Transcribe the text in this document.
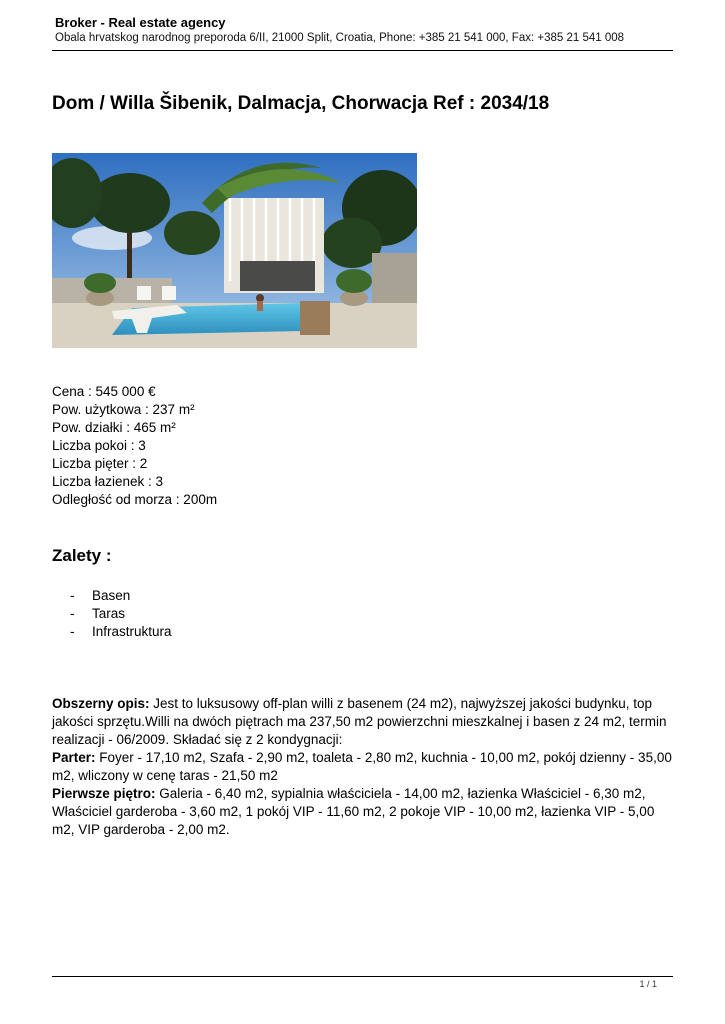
Broker - Real estate agency
Obala hrvatskog narodnog preporoda 6/II, 21000 Split, Croatia, Phone: +385 21 541 000, Fax: +385 21 541 008
Dom / Willa Šibenik, Dalmacja, Chorwacja Ref : 2034/18
Cena : 545 000 €
Pow. użytkowa : 237 m²
Pow. działki : 465 m²
Liczba pokoi : 3
Liczba pięter : 2
Liczba łazienek : 3
Odległość od morza : 200m
Zalety :
- Basen
- Taras
- Infrastruktura

Obszerny opis: Jest to luksusowy off-plan willi z basenem (24 m2), najwyższej jakości budynku, top jakości sprzętu.Willi na dwóch piętrach ma 237,50 m2 powierzchni mieszkalnej i basen z 24 m2, termin realizacji - 06/2009. Składać się z 2 kondygnacji:
Parter: Foyer - 17,10 m2, Szafa - 2,90 m2, toaleta - 2,80 m2, kuchnia - 10,00 m2, pokój dzienny - 35,00 m2, wliczony w cenę taras - 21,50 m2
Pierwsze piętro: Galeria - 6,40 m2, sypialnia właściciela - 14,00 m2, łazienka Właściciel - 6,30 m2, Właściciel garderoba - 3,60 m2, 1 pokój VIP - 11,60 m2, 2 pokoje VIP - 10,00 m2, łazienka VIP - 5,00 m2, VIP garderoba - 2,00 m2.

1 / 1
